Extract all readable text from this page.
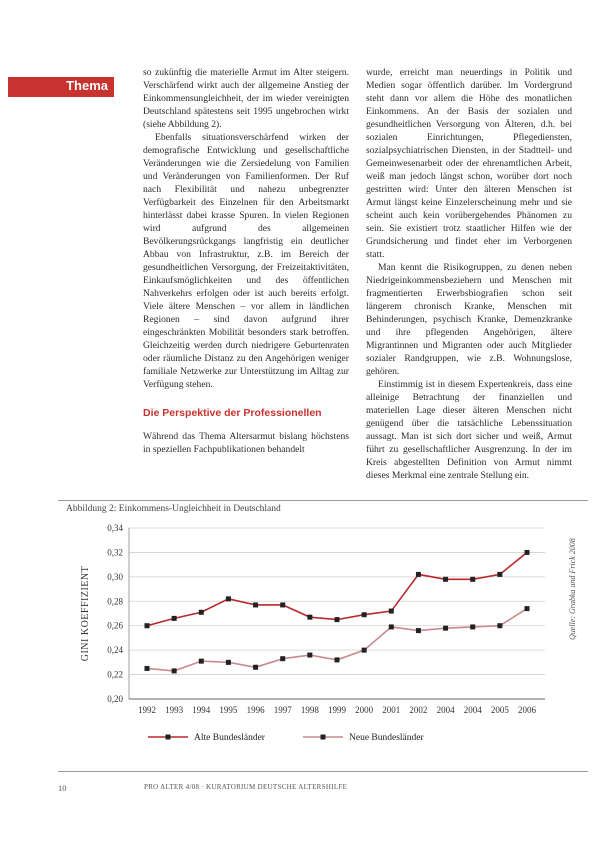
Thema

so zukünftig die materielle Armut im Alter steigern. Verschärfend wirkt auch der allgemeine Anstieg der Einkommensungleichheit, der im wieder vereinigten Deutschland spätestens seit 1995 ungebrochen wirkt (siehe Abbildung 2).

Ebenfalls situationsverschärfend wirken der demografische Entwicklung und gesellschaftliche Veränderungen wie die Zersiedelung von Familien und Veränderungen von Familienformen. Der Ruf nach Flexibilität und nahezu unbegrenzter Verfügbarkeit des Einzelnen für den Arbeitsmarkt hinterlässt dabei krasse Spuren. In vielen Regionen wird aufgrund des allgemeinen Bevölkerungsrückgangs langfristig ein deutlicher Abbau von Infrastruktur, z.B. im Bereich der gesundheitlichen Versorgung, der Freizeitaktivitäten, Einkaufsmöglichkeiten und des öffentlichen Nahverkehrs erfolgen oder ist auch bereits erfolgt. Viele ältere Menschen – vor allem in ländlichen Regionen – sind davon aufgrund ihrer eingeschränkten Mobilität besonders stark betroffen. Gleichzeitig werden durch niedrigere Geburtenraten oder räumliche Distanz zu den Angehörigen weniger familiale Netzwerke zur Unterstützung im Alltag zur Verfügung stehen.

Die Perspektive der Professionellen

Während das Thema Altersarmut bislang höchstens in speziellen Fachpublikationen behandelt

wurde, erreicht man neuerdings in Politik und Medien sogar öffentlich darüber. Im Vordergrund steht dann vor allem die Höhe des monatlichen Einkommens. An der Basis der sozialen und gesundheitlichen Versorgung von Älteren, d.h. bei sozialen Einrichtungen, Pflegediensten, sozialpsychiatrischen Diensten, in der Stadtteil- und Gemeinwesenarbeit oder der ehrenamtlichen Arbeit, weiß man jedoch längst schon, worüber dort noch gestritten wird: Unter den älteren Menschen ist Armut längst keine Einzelerscheinung mehr und sie scheint auch kein vorübergehendes Phänomen zu sein. Sie existiert trotz staatlicher Hilfen wie der Grundsicherung und findet eher im Verborgenen statt.

Man kennt die Risikogruppen, zu denen neben Niedrigeinkommensbeziehern und Menschen mit fragmentierten Erwerbsbiografien schon seit längerem chronisch Kranke, Menschen mit Behinderungen, psychisch Kranke, Demenzkranke und ihre pflegenden Angehörigen, ältere Migrantinnen und Migranten oder auch Mitglieder sozialer Randgruppen, wie z.B. Wohnungslose, gehören.

Einstimmig ist in diesem Expertenkreis, dass eine alleinige Betrachtung der finanziellen und materiellen Lage dieser älteren Menschen nicht genügend über die tatsächliche Lebenssituation aussagt. Man ist sich dort sicher und weiß, Armut führt zu gesellschaftlicher Ausgrenzung. In der im Kreis abgestellten Definition von Armut nimmt dieses Merkmal eine zentrale Stellung ein.

Abbildung 2: Einkommens-Ungleichheit in Deutschland
0,34
0,32
0,30
0,28
0,26
0,24
0,22
0,20
1992 1993 1994 1995 1996 1997 1998 1999 2000 2001 2002 2004 2004 2005 2006
GINI KOEFFIZIENT
Alte Bundesländer	Neue Bundesländer
Quelle: Grabka und Frick 2008
10	PRO ALTER 4/08 · KURATORIUM DEUTSCHE ALTERSHILFE
